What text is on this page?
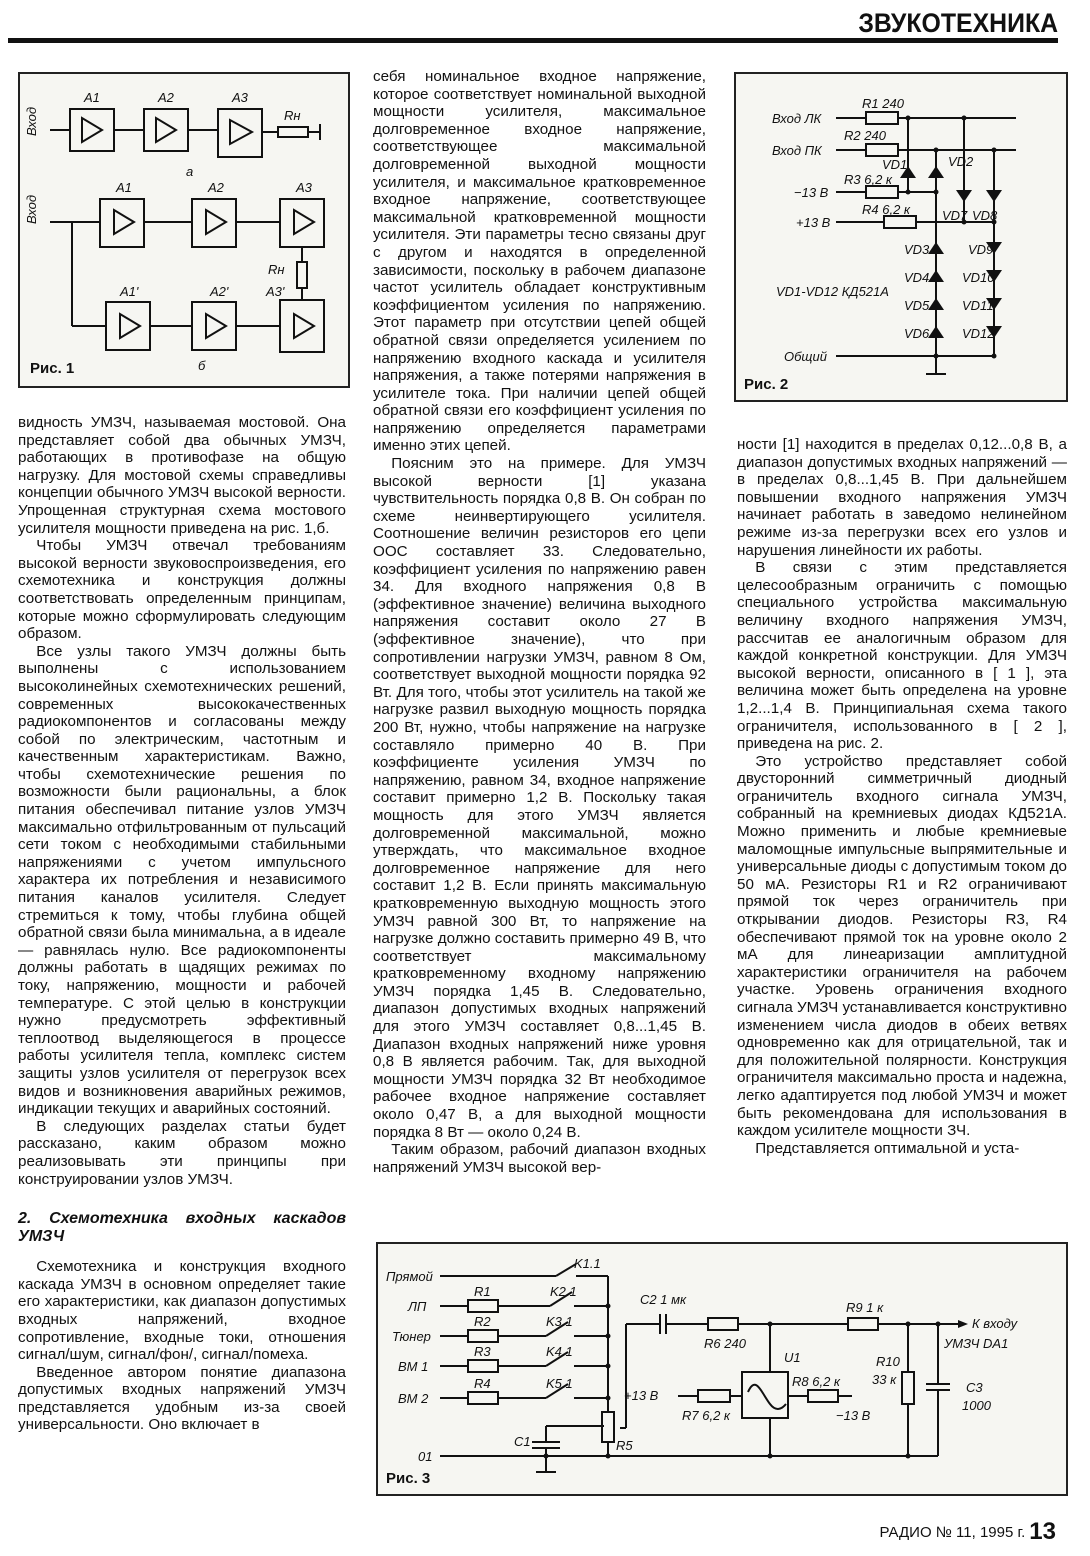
ЗВУКОТЕХНИКА
Вход
Вход
A1	A2	A3
Rн
а
A1	A2	A3
A1'	A2'	A3'
Rн
б
Рис. 1
Вход ЛК
Вход ПК
−13 В
+13 В
Общий
R1 240
R2 240
R3 6,2 к
R4 6,2 к
VD1	VD2
VD7 VD8
VD3
VD4
VD5
VD6
VD9
VD10
VD11
VD12
VD1-VD12 КД521А
Рис. 2

видность УМЗЧ, называемая мостовой. Она представляет собой два обычных УМЗЧ, работающих в противофазе на общую нагрузку. Для мостовой схемы справедливы концепции обычного УМЗЧ высокой верности. Упрощенная структурная схема мостового усилителя мощности приведена на рис. 1,б.

Чтобы УМЗЧ отвечал требованиям высокой верности звуковоспроизведения, его схемотехника и конструкция должны соответствовать определенным принципам, которые можно сформулировать следующим образом.

Все узлы такого УМЗЧ должны быть выполнены с использованием высоколинейных схемотехнических решений, современных высококачественных радиокомпонентов и согласованы между собой по электрическим, частотным и качественным характеристикам. Важно, чтобы схемотехнические решения по возможности были рациональны, а блок питания обеспечивал питание узлов УМЗЧ максимально отфильтрованным от пульсаций сети током с необходимыми стабильными напряжениями с учетом импульсного характера их потребления и независимого питания каналов усилителя. Следует стремиться к тому, чтобы глубина общей обратной связи была минимальна, а в идеале — равнялась нулю. Все радиокомпоненты должны работать в щадящих режимах по току, напряжению, мощности и рабочей температуре. С этой целью в конструкции нужно предусмотреть эффективный теплоотвод выделяющегося в процессе работы усилителя тепла, комплекс систем защиты узлов усилителя от перегрузок всех видов и возникновения аварийных режимов, индикации текущих и аварийных состояний.

В следующих разделах статьи будет рассказано, каким образом можно реализовывать эти принципы при конструировании узлов УМЗЧ.

2. Схемотехника входных каскадов УМЗЧ

Схемотехника и конструкция входного каскада УМЗЧ в основном определяет такие его характеристики, как диапазон допустимых входных напряжений, входное сопротивление, входные токи, отношения сигнал/шум, сигнал/фон/, сигнал/помеха.

Введенное автором понятие диапазона допустимых входных напряжений УМЗЧ представляется удобным из-за своей универсальности. Оно включает в

себя номинальное входное напряжение, которое соответствует номинальной выходной мощности усилителя, максимальное долговременное входное напряжение, соответствующее максимальной долговременной выходной мощности усилителя, и максимальное кратковременное входное напряжение, соответствующее максимальной кратковременной мощности усилителя. Эти параметры тесно связаны друг с другом и находятся в определенной зависимости, поскольку в рабочем диапазоне частот усилитель обладает конструктивным коэффициентом усиления по напряжению. Этот параметр при отсутствии цепей общей обратной связи определяется усилением по напряжению входного каскада и усилителя напряжения, а также потерями напряжения в усилителе тока. При наличии цепей общей обратной связи его коэффициент усиления по напряжению определяется параметрами именно этих цепей.

Поясним это на примере. Для УМЗЧ высокой верности [1] указана чувствительность порядка 0,8 В. Он собран по схеме неинвертирующего усилителя. Соотношение величин резисторов его цепи ООС составляет 33. Следовательно, коэффициент усиления по напряжению равен 34. Для входного напряжения 0,8 В (эффективное значение) величина выходного напряжения составит около 27 В (эффективное значение), что при сопротивлении нагрузки УМЗЧ, равном 8 Ом, соответствует выходной мощности порядка 92 Вт. Для того, чтобы этот усилитель на такой же нагрузке развил выходную мощность порядка 200 Вт, нужно, чтобы напряжение на нагрузке составляло примерно 40 В. При коэффициенте усиления УМЗЧ по напряжению, равном 34, входное напряжение составит примерно 1,2 В. Поскольку такая мощность для этого УМЗЧ является долговременной максимальной, можно утверждать, что максимальное входное долговременное напряжение для него составит 1,2 В. Если принять максимальную кратковременную выходную мощность этого УМЗЧ равной 300 Вт, то напряжение на нагрузке должно составить примерно 49 В, что соответствует максимальному кратковременному входному напряжению УМЗЧ порядка 1,45 В. Следовательно, диапазон допустимых входных напряжений для этого УМЗЧ составляет 0,8...1,45 В. Диапазон входных напряжений ниже уровня 0,8 В является рабочим. Так, для выходной мощности УМЗЧ порядка 32 Вт необходимое рабочее входное напряжение составляет около 0,47 В, а для выходной мощности порядка 8 Вт — около 0,24 В.

Таким образом, рабочий диапазон входных напряжений УМЗЧ высокой вер-

ности [1] находится в пределах 0,12...0,8 В, а диапазон допустимых входных напряжений — в пределах 0,8...1,45 В. При дальнейшем повышении входного напряжения УМЗЧ начинает работать в заведомо нелинейном режиме из-за перегрузки всех его узлов и нарушения линейности их работы.

В связи с этим представляется целесообразным ограничить с помощью специального устройства максимальную величину входного напряжения УМЗЧ, рассчитав ее аналогичным образом для каждой конкретной конструкции. Для УМЗЧ высокой верности, описанного в [ 1 ], эта величина может быть определена на уровне 1,2...1,4 В. Принципиальная схема такого ограничителя, использованного в [ 2 ], приведена на рис. 2.

Это устройство представляет собой двусторонний симметричный диодный ограничитель входного сигнала УМЗЧ, собранный на кремниевых диодах КД521А. Можно применить и любые кремниевые маломощные импульсные выпрямительные и универсальные диоды с допустимым током до 50 мА. Резисторы R1 и R2 ограничивают прямой ток через ограничитель при открывании диодов. Резисторы R3, R4 обеспечивают прямой ток на уровне около 2 мА для линеаризации амплитудной характеристики ограничителя на рабочем участке. Уровень ограничения входного сигнала УМЗЧ устанавливается конструктивно изменением числа диодов в обеих ветвях одновременно как для отрицательной, так и для положительной полярности. Конструкция ограничителя максимально проста и надежна, легко адаптируется под любой УМЗЧ и может быть рекомендована для использования в каждом усилителе мощности ЗЧ.

Представляется оптимальной и уста-

Прямой
ЛП
Тюнер
ВМ 1
ВМ 2
01
R1
R2
R3
R4
R5
K1.1
K2.1
K3.1
K4.1
K5.1
C1
C2 1 мк
R6 240
+13 В
R7 6,2 к
U1
R8 6,2 к
−13 В
R9 1 к
R10
33 к
C3
1000
К входу
УМЗЧ DA1
Рис. 3
РАДИО № 11, 1995 г. 13
